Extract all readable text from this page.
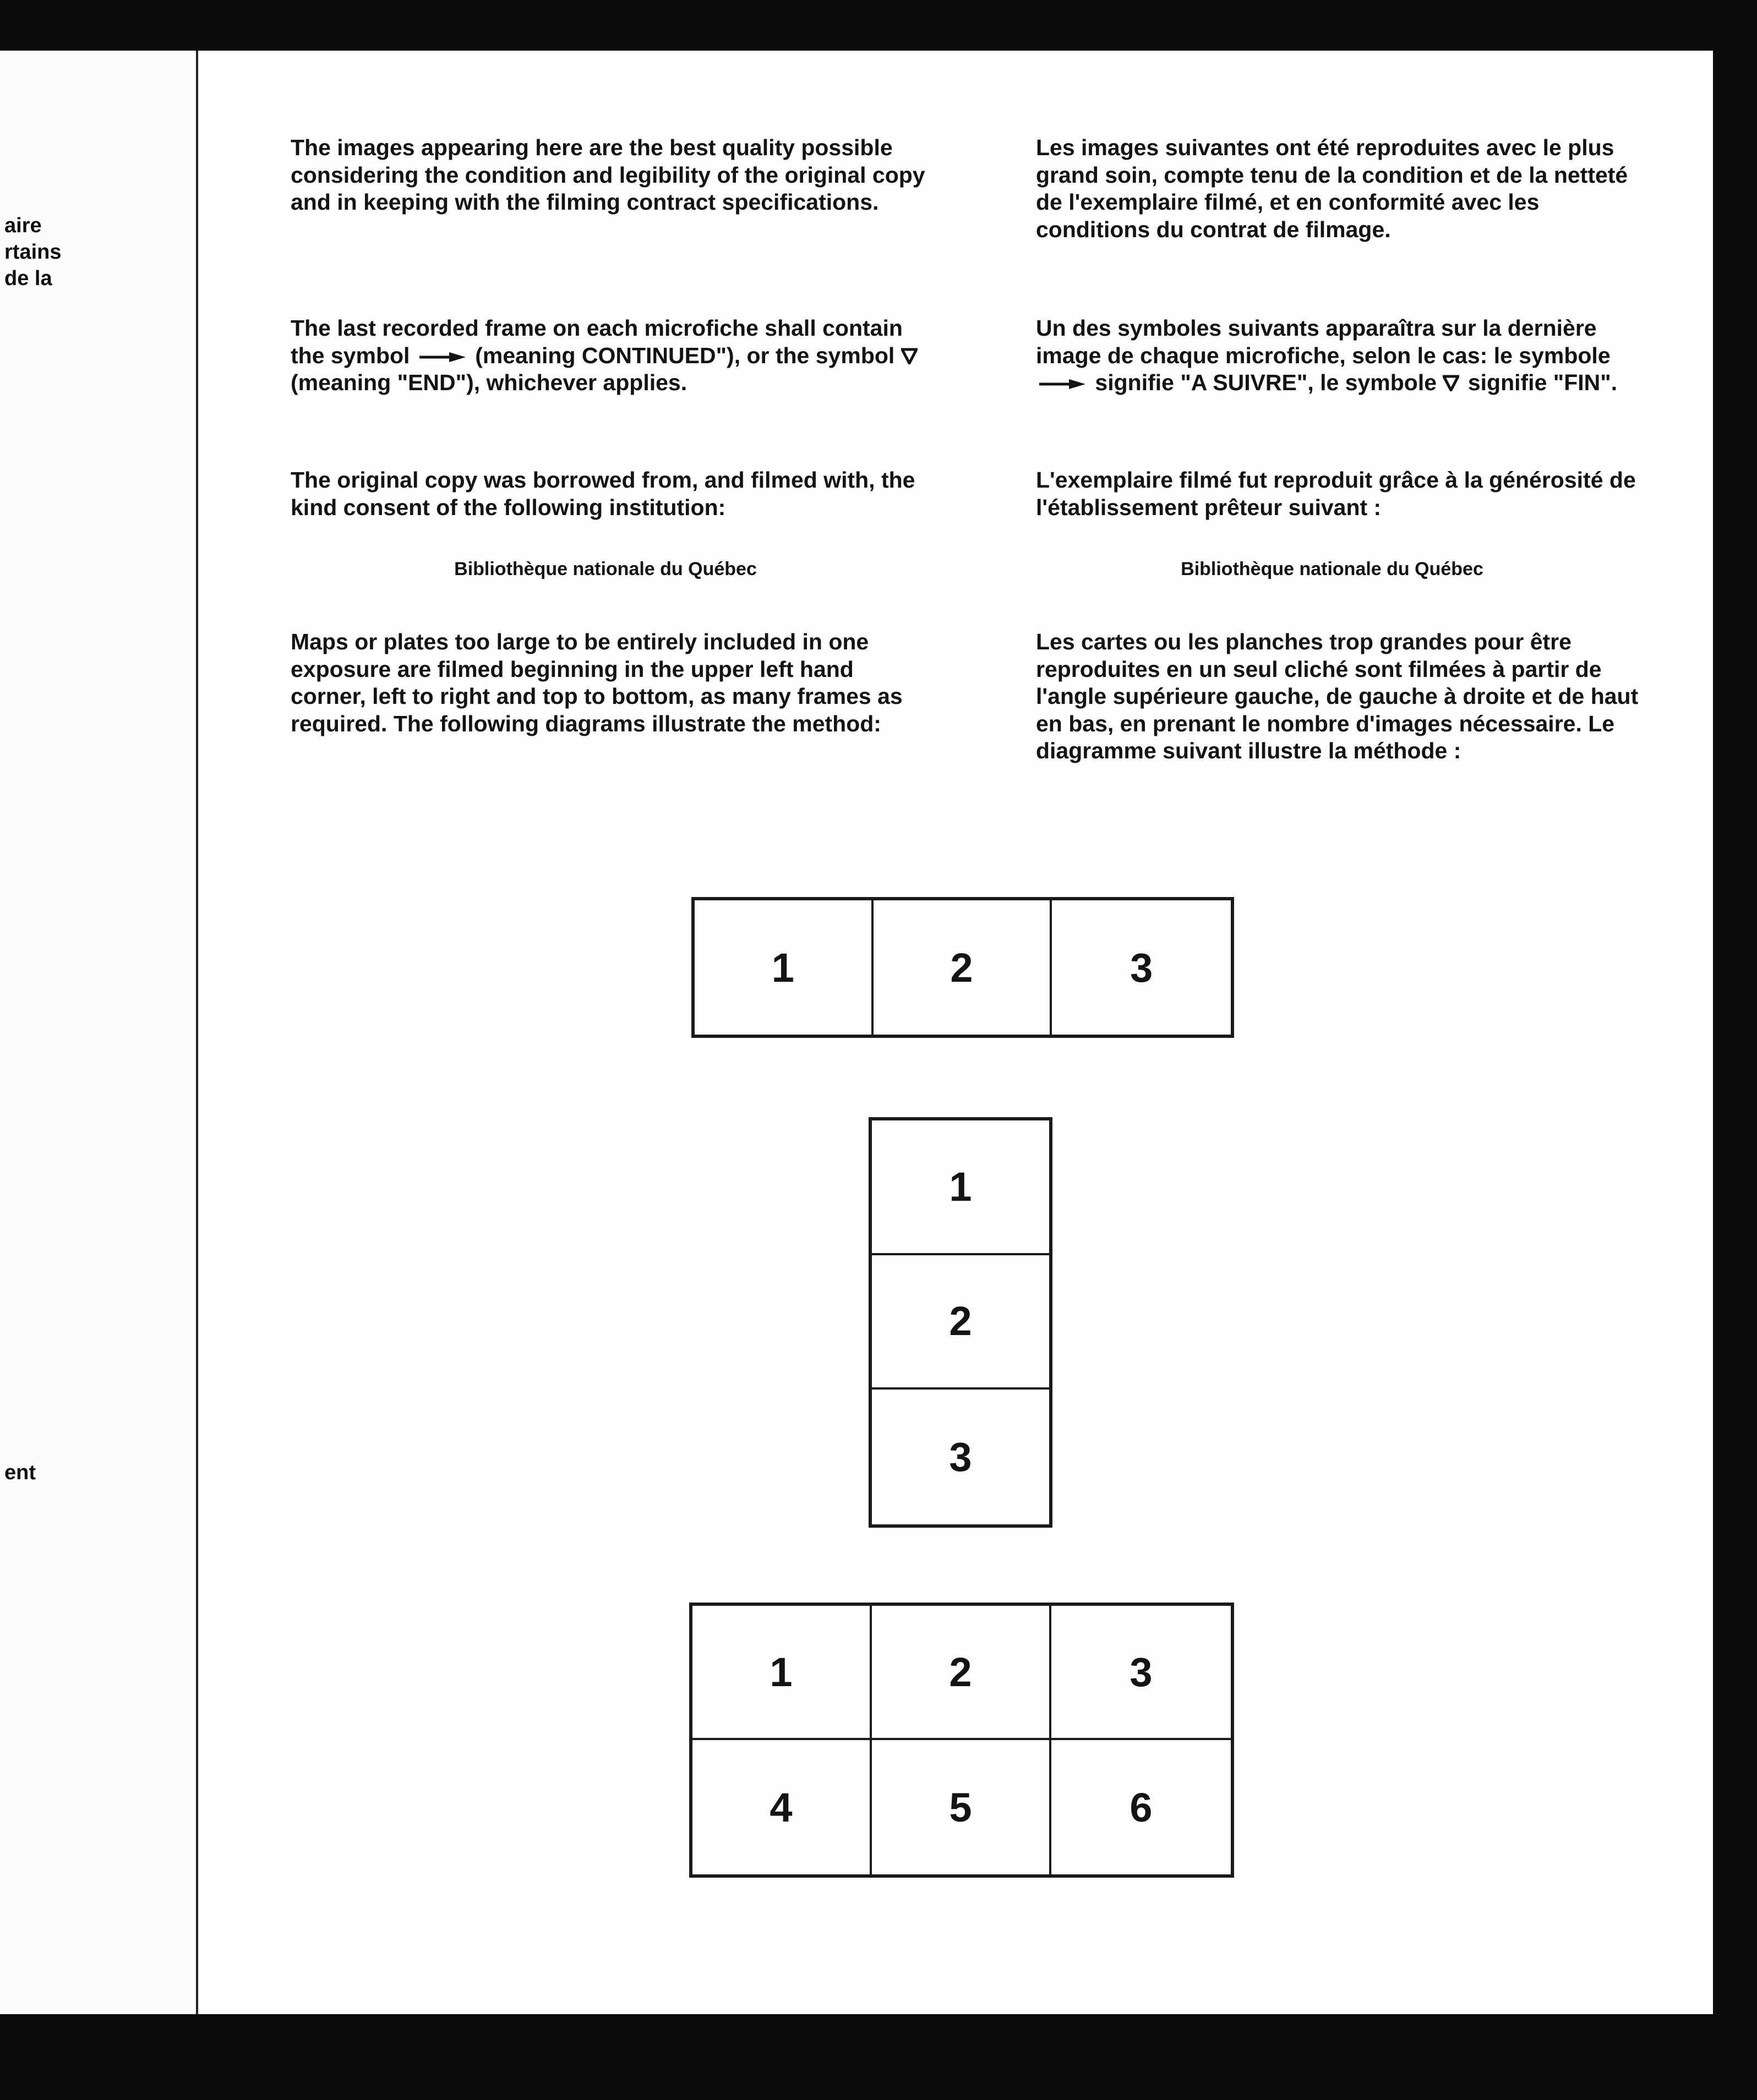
aire
rtains
de la
ent

The images appearing here are the best quality possible considering the condition and legibility of the original copy and in keeping with the filming contract specifications.

The last recorded frame on each microfiche shall contain the symbol	(meaning CONTINUED"), or the symbol  (meaning "END"), whichever applies.

The original copy was borrowed from, and filmed with, the kind consent of the following institution:

Bibliothèque nationale du Québec

Maps or plates too large to be entirely included in one exposure are filmed beginning in the upper left hand corner, left to right and top to bottom, as many frames as required. The following diagrams illustrate the method:

Les images suivantes ont été reproduites avec le plus grand soin, compte tenu de la condition et de la netteté de l'exemplaire filmé, et en conformité avec les conditions du contrat de filmage.

Un des symboles suivants apparaîtra sur la dernière image de chaque microfiche, selon le cas: le symbole  signifie "A SUIVRE", le symbole signifie "FIN".

L'exemplaire filmé fut reproduit grâce à la générosité de l'établissement prêteur suivant :

Bibliothèque nationale du Québec

Les cartes ou les planches trop grandes pour être reproduites en un seul cliché sont filmées à partir de l'angle supérieure gauche, de gauche à droite et de haut en bas, en prenant le nombre d'images nécessaire. Le diagramme suivant illustre la méthode :

1	2	3
1
2
3
1	2	3
4	5	6
